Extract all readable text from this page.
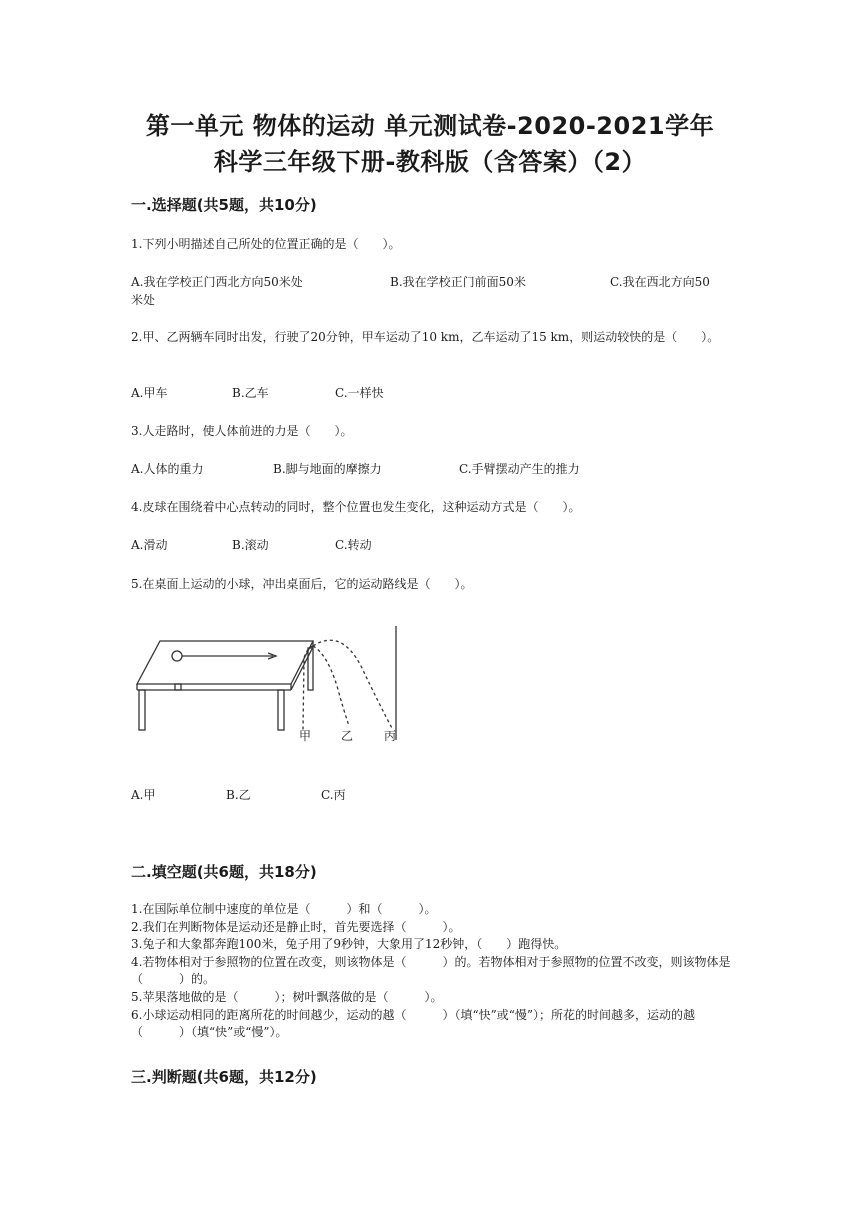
第一单元 物体的运动 单元测试卷-2020-2021学年
科学三年级下册-教科版（含答案）（2）
一.选择题(共5题，共10分)
1.下列小明描述自己所处的位置正确的是（　　）。
A.我在学校正门西北方向50米处	B.我在学校正门前面50米	C.我在西北方向50
米处
2.甲、乙两辆车同时出发，行驶了20分钟，甲车运动了10 km，乙车运动了15 km，则运动较快的是（　　）。
A.甲车	B.乙车	C.一样快
3.人走路时，使人体前进的力是（　　）。
A.人体的重力	B.脚与地面的摩擦力	C.手臂摆动产生的推力
4.皮球在围绕着中心点转动的同时，整个位置也发生变化，这种运动方式是（　　）。
A.滑动	B.滚动	C.转动
5.在桌面上运动的小球，冲出桌面后，它的运动路线是（　　）。
甲 乙	丙
A.甲	B.乙	C.丙
二.填空题(共6题，共18分)
1.在国际单位制中速度的单位是（　　　）和（　　　）。
2.我们在判断物体是运动还是静止时，首先要选择（　　　）。
3.兔子和大象都奔跑100米，兔子用了9秒钟，大象用了12秒钟，（　　）跑得快。
4.若物体相对于参照物的位置在改变，则该物体是（　　　）的。若物体相对于参照物的位置不改变，则该物体是（　　　）的。
5.苹果落地做的是（　　　）；树叶飘落做的是（　　　）。
6.小球运动相同的距离所花的时间越少，运动的越（　　　）（填“快”或“慢”）；所花的时间越多，运动的越（　　　）（填“快”或“慢”）。
三.判断题(共6题，共12分)
